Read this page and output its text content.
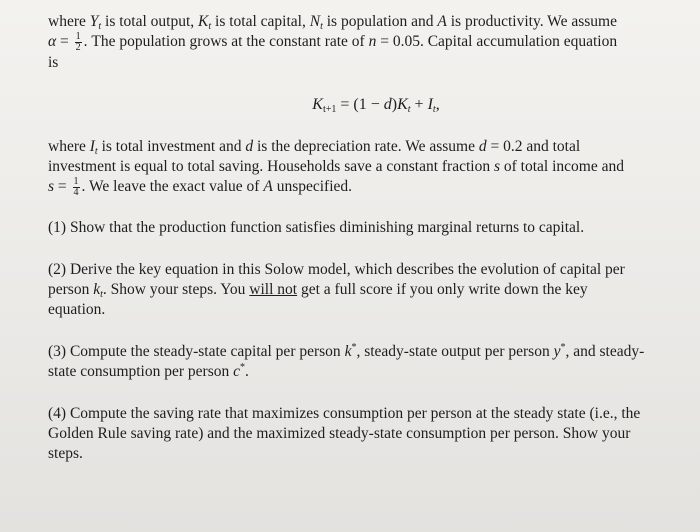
where $Y_t$ is total output, $K_t$ is total capital, $N_t$ is population and A is productivity. We assume
$\alpha = \frac{1}{2}$ . The population grows at the constant rate of n = 0.05. Capital accumulation equation
is

$K_{t+1} = (1 - d)K_t + I_t$,

where $I_t$ is total investment and d is the depreciation rate. We assume d = 0.2 and total
investment is equal to total saving. Households save a constant fraction s of total income and
$s = \frac{1}{4}$ . We leave the exact value of A unspecified.

(1) Show that the production function satisfies diminishing marginal returns to capital.

(2) Derive the key equation in this Solow model, which describes the evolution of capital per
person $k_t$. Show your steps. You will not get a full score if you only write down the key
equation.

(3) Compute the steady-state capital per person k*, steady-state output per person y*, and steady-
state consumption per person c*.

(4) Compute the saving rate that maximizes consumption per person at the steady state (i.e., the
Golden Rule saving rate) and the maximized steady-state consumption per person. Show your
steps.
